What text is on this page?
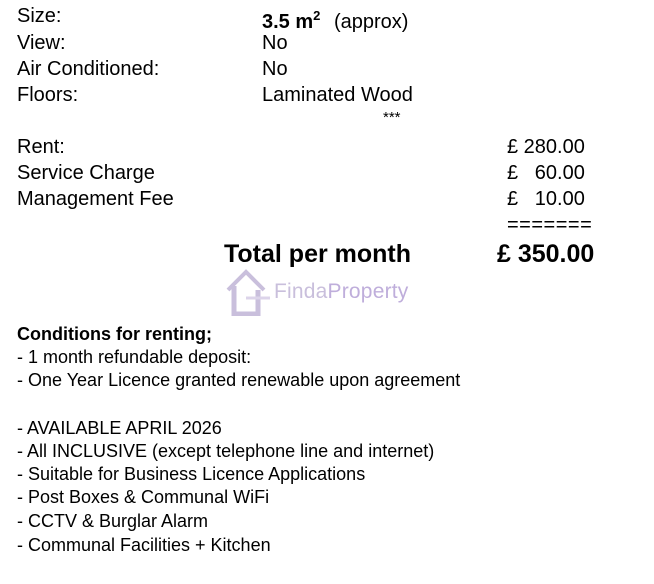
Size:	3.5 $m^2$ (approx)
View:	No
Air Conditioned:	No
Floors:	Laminated Wood
***
Rent:	£ 280.00
Service Charge	£   60.00
Management Fee	£   10.00
=======
Total per month	£ 350.00
FindaProperty
Conditions for renting;
- 1 month refundable deposit:
- One Year Licence granted renewable upon agreement
- AVAILABLE APRIL 2026
- All INCLUSIVE (except telephone line and internet)
- Suitable for Business Licence Applications
- Post Boxes & Communal WiFi
- CCTV & Burglar Alarm
- Communal Facilities + Kitchen
